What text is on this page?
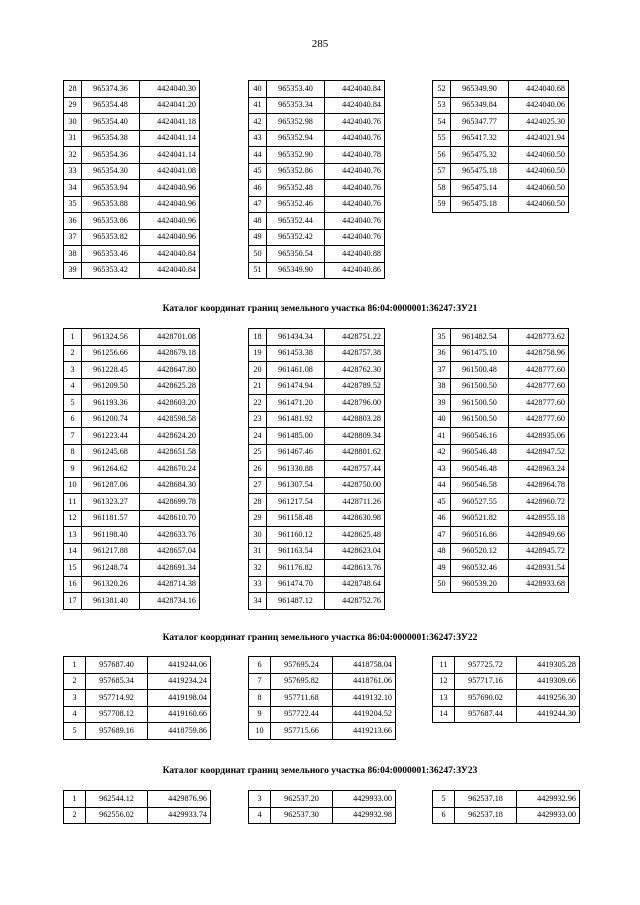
285
28	965374.36	4424040.30
29	965354.48	4424041.20
30	965354.40	4424041.18
31	965354.38	4424041.14
32	965354.36	4424041.14
33	965354.30	4424041.08
34	965353.94	4424040.96
35	965353.88	4424040.96
36	965353.86	4424040.96
37	965353.82	4424040.96
38	965353.46	4424040.84
39	965353.42	4424040.84
40	965353.40	4424040.84
41	965353.34	4424040.84
42	965352.98	4424040.76
43	965352.94	4424040.76
44	965352.90	4424040.78
45	965352.86	4424040.76
46	965352.48	4424040.76
47	965352.46	4424040.76
48	965352.44	4424040.76
49	965352.42	4424040.76
50	965350.54	4424040.88
51	965349.90	4424040.86
52	965349.90	4424040.68
53	965349.84	4424040.06
54	965347.77	4424025.30
55	965417.32	4424021.94
56	965475.32	4424060.50
57	965475.18	4424060.50
58	965475.14	4424060.50
59	965475.18	4424060.50
Каталог координат границ земельного участка 86:04:0000001:36247:ЗУ21
1	961324.56	4428701.08
2	961256.66	4428679.18
3	961228.45	4428647.80
4	961209.50	4428625.28
5	961193.36	4428603.20
6	961200.74	4428598.58
7	961223.44	4428624.20
8	961245.68	4428651.58
9	961264.62	4428670.24
10	961287.06	4428684.30
11	961323.27	4428699.78
12	961181.57	4428610.70
13	961198.40	4428633.76
14	961217.88	4428657.04
15	961248.74	4428691.34
16	961320.26	4428714.38
17	961381.40	4428734.16
18	961434.34	4428751.22
19	961453.38	4428757.38
20	961461.08	4428762.30
21	961474.94	4428789.52
22	961471.20	4428796.00
23	961481.92	4428803.28
24	961485.00	4428809.34
25	961467.46	4428801.62
26	961330.88	4428757.44
27	961307.54	4428750.00
28	961217.54	4428711.26
29	961158.48	4428630.98
30	961160.12	4428625.48
31	961163.54	4428623.04
32	961176.82	4428613.76
33	961474.70	4428748.64
34	961487.12	4428752.76
35	961482.54	4428773.62
36	961475.10	4428758.96
37	961500.48	4428777.60
38	961500.50	4428777.60
39	961500.50	4428777.60
40	961500.50	4428777.60
41	960546.16	4428935.06
42	960546.48	4428947.52
43	960546.48	4428963.24
44	960546.58	4428964.78
45	960527.55	4428960.72
46	960521.82	4428955.18
47	960516.86	4428949.66
48	960520.12	4428945.72
49	960532.46	4428931.54
50	960539.20	4428933.68
Каталог координат границ земельного участка 86:04:0000001:36247:ЗУ22
1	957687.40	4419244.06
2	957685.34	4419234.24
3	957714.92	4419198.04
4	957708.12	4419160.66
5	957689.16	4418759.86
6	957695.24	4418758.04
7	957695.82	4418761.06
8	957711.68	4419132.10
9	957722.44	4419204.52
10	957715.66	4419213.66
11	957725.72	4419305.28
12	957717.16	4419309.66
13	957690.02	4419256.30
14	957687.44	4419244.30
Каталог координат границ земельного участка 86:04:0000001:36247:ЗУ23
1	962544.12	4429876.96
2	962556.02	4429933.74
3	962537.20	4429933.00
4	962537.30	4429932.98
5	962537.18	4429932.96
6	962537.18	4429933.00
